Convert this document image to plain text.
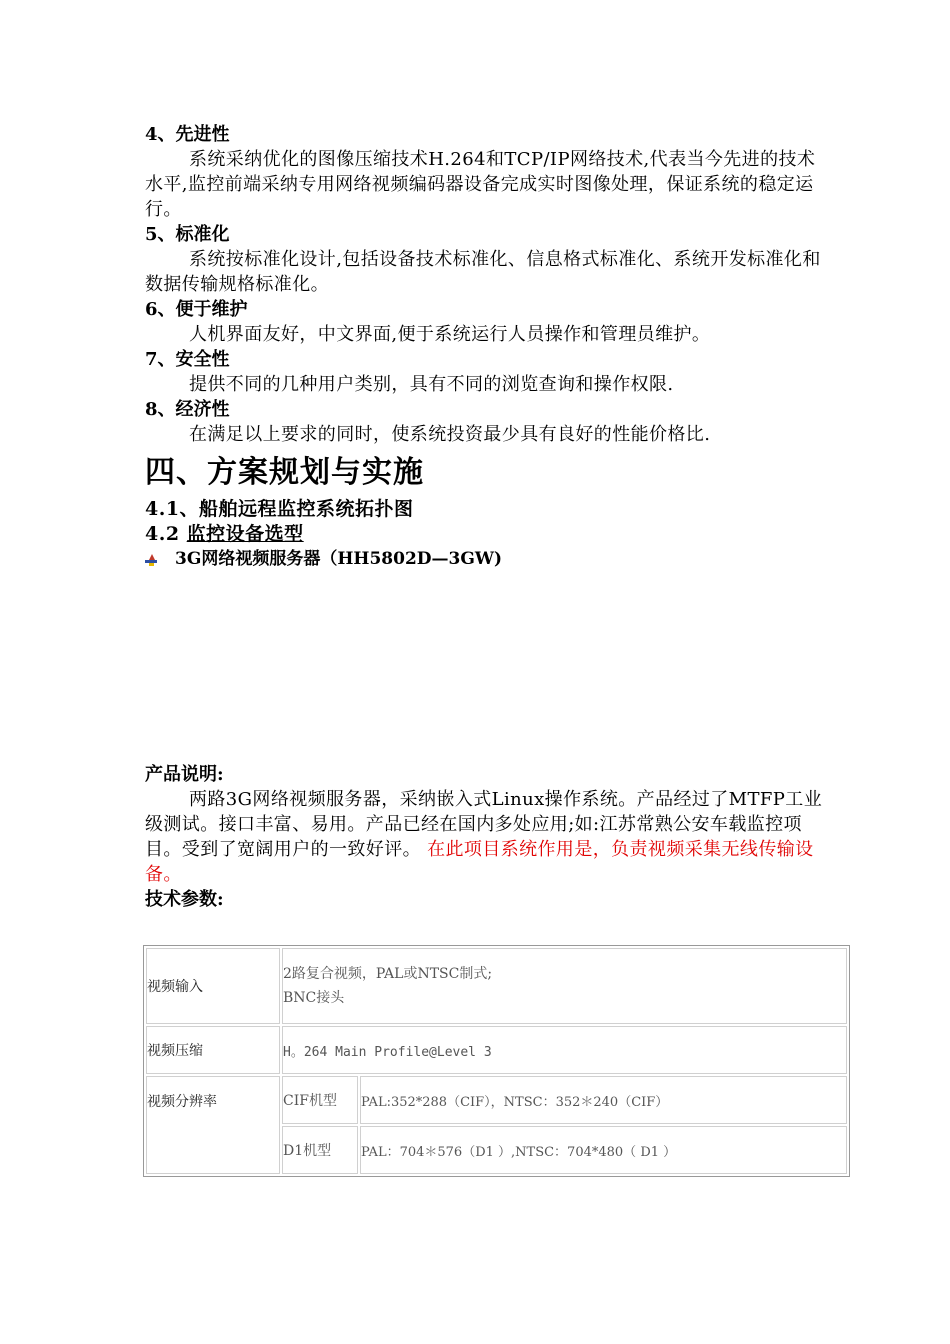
4、先进性

系统采纳优化的图像压缩技术H.264和TCP/IP网络技术,代表当今先进的技术水平,监控前端采纳专用网络视频编码器设备完成实时图像处理，保证系统的稳定运行。

5、标准化

系统按标准化设计,包括设备技术标准化、信息格式标准化、系统开发标准化和数据传输规格标准化。

6、便于维护

人机界面友好，中文界面,便于系统运行人员操作和管理员维护。

7、安全性

提供不同的几种用户类别，具有不同的浏览查询和操作权限.

8、经济性

在满足以上要求的同时，使系统投资最少具有良好的性能价格比.

四、方案规划与实施

4.1、船舶远程监控系统拓扑图

4.2 监控设备选型

3G网络视频服务器（HH5802D—3GW)

产品说明:

两路3G网络视频服务器，采纳嵌入式Linux操作系统。产品经过了MTFP工业级测试。接口丰富、易用。产品已经在国内多处应用;如:江苏常熟公安车载监控项目。受到了宽阔用户的一致好评。 在此项目系统作用是，负责视频采集无线传输设备。

技术参数:

视频输入	2路复合视频，PAL或NTSC制式;
BNC接头	

视频压缩	H。264 Main Profile@Level 3	
视频分辨率	CIF机型	PAL:352*288（CIF），NTSC：352＊240（CIF）
	D1机型	PAL：704＊576（D1 ）,NTSC：704*480（ D1 ）
